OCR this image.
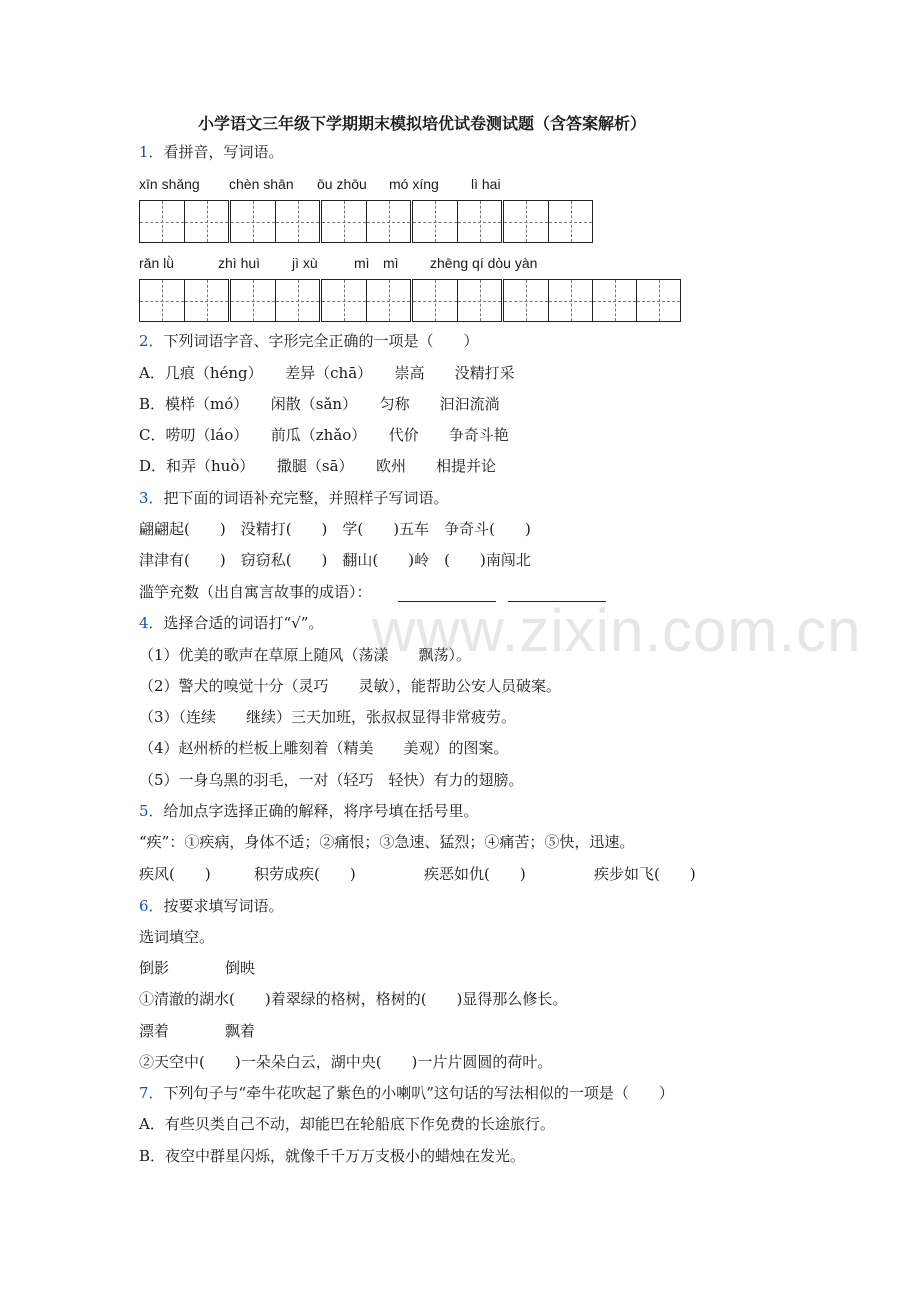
www.zixin.com.cn
小学语文三年级下学期期末模拟培优试卷测试题（含答案解析）
1．看拼音，写词语。
xīn shǎng chèn shān ōu zhōu mó xíng lì hai
rǎn lǜ	zhì huì jì xù	mì mì zhēng qí dòu yàn
2．下列词语字音、字形完全正确的一项是（　　）
A．几痕（héng）　　差异（chā）　　崇高　　没精打采
B．模样（mó）　　闲散（sǎn）　　匀称　　汩汩流淌
C．唠叨（láo）　　前瓜（zhǎo）　　代价　　争奇斗艳
D．和弄（huò）　　撒腿（sā）　　欧州　　相提并论
3．把下面的词语补充完整，并照样子写词语。
翩翩起(　　)　没精打(　　)　学(　　)五车　争奇斗(　　)
津津有(　　)　窃窃私(　　)　翻山(　　)岭　(　　)南闯北
滥竽充数（出自寓言故事的成语）：
4．选择合适的词语打“√”。
（1）优美的歌声在草原上随风（荡漾　　飘荡）。
（2）警犬的嗅觉十分（灵巧　　灵敏），能帮助公安人员破案。
（3）（连续　　继续）三天加班，张叔叔显得非常疲劳。
（4）赵州桥的栏板上雕刻着（精美　　美观）的图案。
（5）一身乌黑的羽毛，一对（轻巧　轻快）有力的翅膀。
5．给加点字选择正确的解释，将序号填在括号里。
“疾”：①疾病，身体不适；②痛恨；③急速、猛烈；④痛苦；⑤快，迅速。
疾风(　　)	积劳成疾(　　)	疾恶如仇(　　)	疾步如飞(　　)
6．按要求填写词语。
选词填空。
倒影	倒映
①清澈的湖水(　　)着翠绿的格树，格树的(　　)显得那么修长。
漂着	飘着
②天空中(　　)一朵朵白云，湖中央(　　)一片片圆圆的荷叶。
7．下列句子与“牵牛花吹起了紫色的小喇叭”这句话的写法相似的一项是（　　）
A．有些贝类自己不动，却能巴在轮船底下作免费的长途旅行。
B．夜空中群星闪烁，就像千千万万支极小的蜡烛在发光。
